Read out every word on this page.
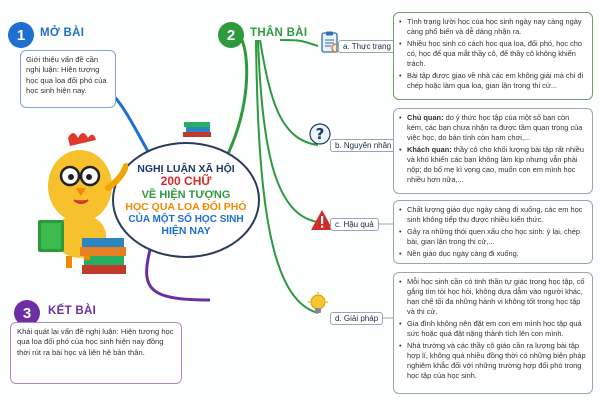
1 MỞ BÀI
Giới thiệu vấn đề cần nghị luận: Hiện tượng học qua loa đối phó của học sinh hiện nay.
2 THÂN BÀI
?
a. Thực trạng
b. Nguyên nhân
c. Hậu quả
d. Giải pháp
• Tình trạng lười học của học sinh ngày nay càng ngày càng phổ biến và dễ dàng nhận ra.
• Nhiều học sinh có cách học qua loa, đối phó, học cho có, học để qua mắt thầy cô, để thầy cô không khiển trách.
• Bài tập được giao về nhà các em không giải mà chỉ đi chép hoặc làm qua loa, gian lận trong thi cử...
• Chủ quan: do ý thức học tập của một số bạn còn kém, các bạn chưa nhận ra được tầm quan trọng của việc học, do bản tính còn ham chơi,...
• Khách quan: thầy cô cho khối lượng bài tập rất nhiều và khó khiến các bạn không làm kịp nhưng vẫn phải nộp; do bố mẹ kì vọng cao, muốn con em mình học nhiều hơn nữa,...
• Chất lượng giáo dục ngày càng đi xuống, các em học sinh không tiếp thu được nhiều kiến thức.
• Gây ra những thói quen xấu cho học sinh: ỷ lại, chép bài, gian lận trong thi cử,...
• Nền giáo dục ngày càng đi xuống.
• Mỗi học sinh cần có tinh thần tự giác trong học tập, cố gắng tìm tòi học hỏi, không dựa dẫm vào người khác, hạn chế tối đa những hành vi không tốt trong học tập và thi cử.
• Gia đình không nên đặt em con em mình học tập quá sức hoặc quá đặt nặng thành tích lên con mình.
• Nhà trường và các thầy cô giáo cần ra lượng bài tập hợp lí, không quá nhiều đồng thời có những biện pháp nghiêm khắc đối với những trường hợp đối phó trong học tập của học sinh.
NGHỊ LUẬN XÃ HỘI
200 CHỮ
VỀ HIỆN TƯỢNG
HỌC QUA LOA ĐỐI PHÓ
CỦA MỘT SỐ HỌC SINH
HIỆN NAY
3 KẾT BÀI
Khái quát lại vấn đề nghị luận: Hiện tượng học qua loa đối phó của học sinh hiện nay đồng thời rút ra bài học và liên hệ bản thân.
